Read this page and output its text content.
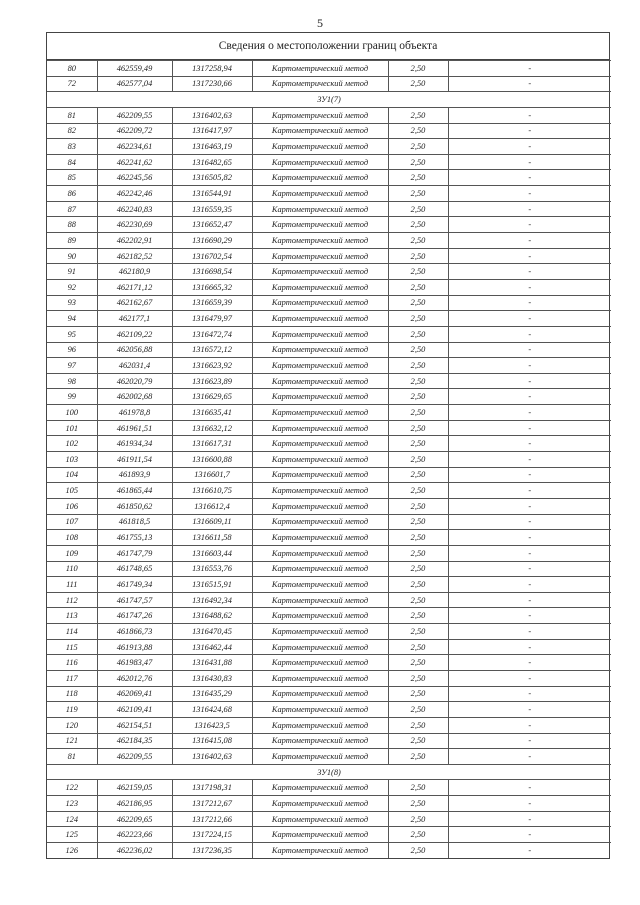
5
Сведения о местоположении границ объекта
80	462559,49	1317258,94	Картометрический метод	2,50	-
72	462577,04	1317230,66	Картометрический метод	2,50	-
ЗУ1(7)					
81	462209,55	1316402,63	Картометрический метод	2,50	-
82	462209,72	1316417,97	Картометрический метод	2,50	-
83	462234,61	1316463,19	Картометрический метод	2,50	-
84	462241,62	1316482,65	Картометрический метод	2,50	-
85	462245,56	1316505,82	Картометрический метод	2,50	-
86	462242,46	1316544,91	Картометрический метод	2,50	-
87	462240,83	1316559,35	Картометрический метод	2,50	-
88	462230,69	1316652,47	Картометрический метод	2,50	-
89	462202,91	1316690,29	Картометрический метод	2,50	-
90	462182,52	1316702,54	Картометрический метод	2,50	-
91	462180,9	1316698,54	Картометрический метод	2,50	-
92	462171,12	1316665,32	Картометрический метод	2,50	-
93	462162,67	1316659,39	Картометрический метод	2,50	-
94	462177,1	1316479,97	Картометрический метод	2,50	-
95	462109,22	1316472,74	Картометрический метод	2,50	-
96	462056,88	1316572,12	Картометрический метод	2,50	-
97	462031,4	1316623,92	Картометрический метод	2,50	-
98	462020,79	1316623,89	Картометрический метод	2,50	-
99	462002,68	1316629,65	Картометрический метод	2,50	-
100	461978,8	1316635,41	Картометрический метод	2,50	-
101	461961,51	1316632,12	Картометрический метод	2,50	-
102	461934,34	1316617,31	Картометрический метод	2,50	-
103	461911,54	1316600,88	Картометрический метод	2,50	-
104	461893,9	1316601,7	Картометрический метод	2,50	-
105	461865,44	1316610,75	Картометрический метод	2,50	-
106	461850,62	1316612,4	Картометрический метод	2,50	-
107	461818,5	1316609,11	Картометрический метод	2,50	-
108	461755,13	1316611,58	Картометрический метод	2,50	-
109	461747,79	1316603,44	Картометрический метод	2,50	-
110	461748,65	1316553,76	Картометрический метод	2,50	-
111	461749,34	1316515,91	Картометрический метод	2,50	-
112	461747,57	1316492,34	Картометрический метод	2,50	-
113	461747,26	1316488,62	Картометрический метод	2,50	-
114	461866,73	1316470,45	Картометрический метод	2,50	-
115	461913,88	1316462,44	Картометрический метод	2,50	-
116	461983,47	1316431,88	Картометрический метод	2,50	-
117	462012,76	1316430,83	Картометрический метод	2,50	-
118	462069,41	1316435,29	Картометрический метод	2,50	-
119	462109,41	1316424,68	Картометрический метод	2,50	-
120	462154,51	1316423,5	Картометрический метод	2,50	-
121	462184,35	1316415,08	Картометрический метод	2,50	-
81	462209,55	1316402,63	Картометрический метод	2,50	-
ЗУ1(8)					
122	462159,05	1317198,31	Картометрический метод	2,50	-
123	462186,95	1317212,67	Картометрический метод	2,50	-
124	462209,65	1317212,66	Картометрический метод	2,50	-
125	462223,66	1317224,15	Картометрический метод	2,50	-
126	462236,02	1317236,35	Картометрический метод	2,50	-
